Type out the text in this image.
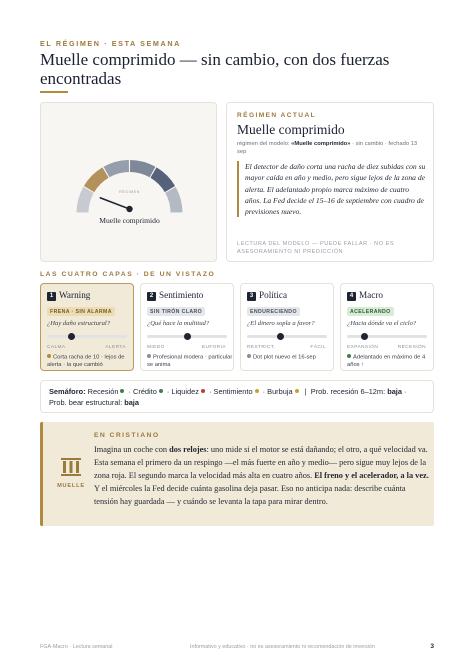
EL RÉGIMEN · ESTA SEMANA
Muelle comprimido — sin cambio, con dos fuerzas encontradas
RÉGIMEN
Muelle comprimido
RÉGIMEN ACTUAL
Muelle comprimido
régimen del modelo: «Muelle comprimido» · sin cambio · fechado 13 sep
El detector de daño corta una racha de diez subidas con su mayor caída en año y medio, pero sigue lejos de la zona de alerta. El adelantado propio marca máximo de cuatro años. La Fed decide el 15–16 de septiembre con cuadro de previsiones nuevo.
LECTURA DEL MODELO — PUEDE FALLAR · NO ES ASESORAMIENTO NI PREDICCIÓN
LAS CUATRO CAPAS · DE UN VISTAZO
1 Warning
FRENA · SIN ALARMA
¿Hay daño estructural?
CALMA	ALERTA
Corta racha de 10 · lejos de alerta · la que cambió
2 Sentimiento
SIN TIRÓN CLARO
¿Qué hace la multitud?
MIEDO	EUFORIA
Profesional modera · particular se anima
3 Política
ENDURECIENDO
¿El dinero sopla a favor?
RESTRICT.	FÁCIL
Dot plot nuevo el 16-sep
4 Macro
ACELERANDO
¿Hacia dónde va el ciclo?
EXPANSIÓN	RECESIÓN
Adelantado en máximo de 4 años ↑
Semáforo: Recesión · Crédito · Liquidez · Sentimiento · Burbuja | Prob. recesión 6–12m: baja · Prob. bear estructural: baja
MUELLE
EN CRISTIANO
Imagina un coche con dos relojes: uno mide si el motor se está dañando; el otro, a qué velocidad va. Esta semana el primero da un respingo —el más fuerte en año y medio— pero sigue muy lejos de la zona roja. El segundo marca la velocidad más alta en cuatro años. El freno y el acelerador, a la vez. Y el miércoles la Fed decide cuánta gasolina deja pasar. Eso no anticipa nada: describe cuánta tensión hay guardada — y cuándo se levanta la tapa para mirar dentro.
FGA·Macro · Lectura semanal	Informativo y educativo · no es asesoramiento ni recomendación de inversión	3
